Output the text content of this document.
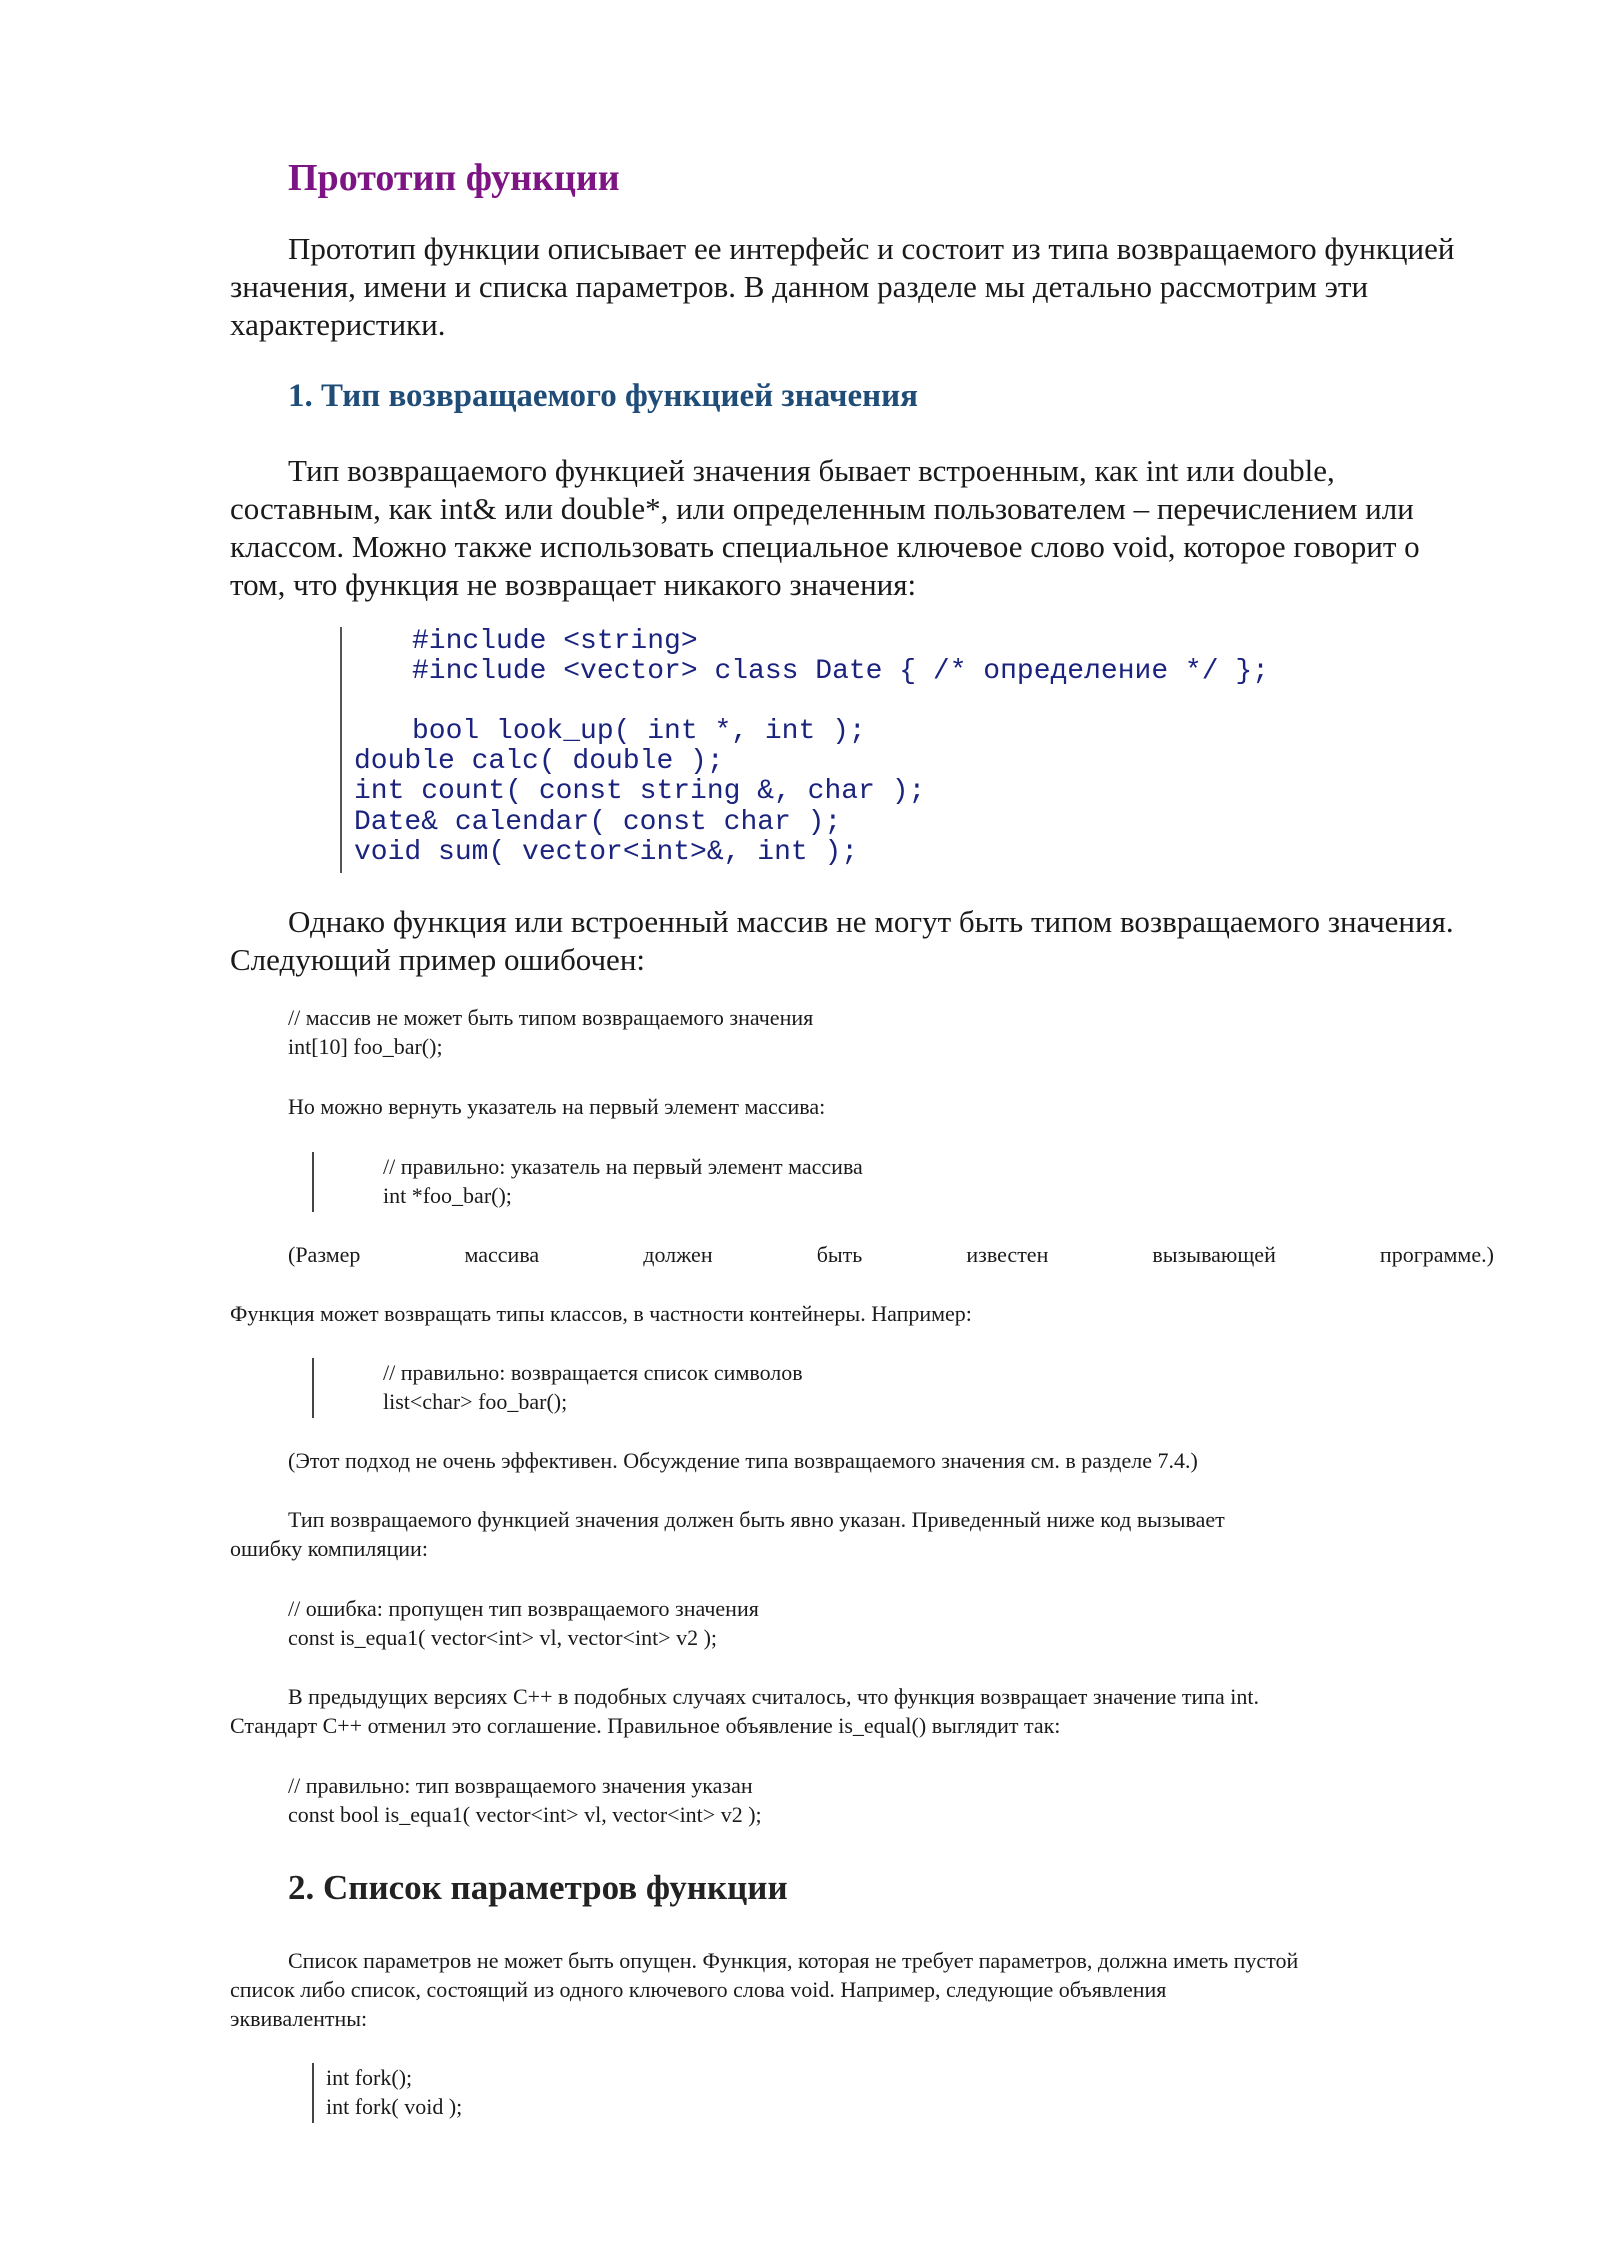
Прототип функции

Прототип функции описывает ее интерфейс и состоит из типа возвращаемого функцией
значения, имени и списка параметров. В данном разделе мы детально рассмотрим эти
характеристики.

1. Тип возвращаемого функцией значения

Тип возвращаемого функцией значения бывает встроенным, как int или double,
составным, как int& или double*, или определенным пользователем – перечислением или
классом. Можно также использовать специальное ключевое слово void, которое говорит о
том, что функция не возвращает никакого значения:

#include <string>
#include <vector> class Date { /* определение */ };
bool look_up( int *, int );
double calc( double );
int count( const string &, char );
Date& calendar( const char );
void sum( vector<int>&, int );

Однако функция или встроенный массив не могут быть типом возвращаемого значения.
Следующий пример ошибочен:

// массив не может быть типом возвращаемого значения
int[10] foo_bar();
Но можно вернуть указатель на первый элемент массива:
// правильно: указатель на первый элемент массива
int *foo_bar();
(Размер	массива	должен	быть	известен	вызывающей	программе.)
Функция может возвращать типы классов, в частности контейнеры. Например:
// правильно: возвращается список символов
list<char> foo_bar();
(Этот подход не очень эффективен. Обсуждение типа возвращаемого значения см. в разделе 7.4.)

Тип возвращаемого функцией значения должен быть явно указан. Приведенный ниже код вызывает
ошибку компиляции:

// ошибка: пропущен тип возвращаемого значения
const is_equa1( vector<int> vl, vector<int> v2 );

В предыдущих версиях С++ в подобных случаях считалось, что функция возвращает значение типа int.
Стандарт С++ отменил это соглашение. Правильное объявление is_equal() выглядит так:

// правильно: тип возвращаемого значения указан
const bool is_equa1( vector<int> vl, vector<int> v2 );
2. Список параметров функции

Список параметров не может быть опущен. Функция, которая не требует параметров, должна иметь пустой
список либо список, состоящий из одного ключевого слова void. Например, следующие объявления
эквивалентны:

int fork();
int fork( void );
